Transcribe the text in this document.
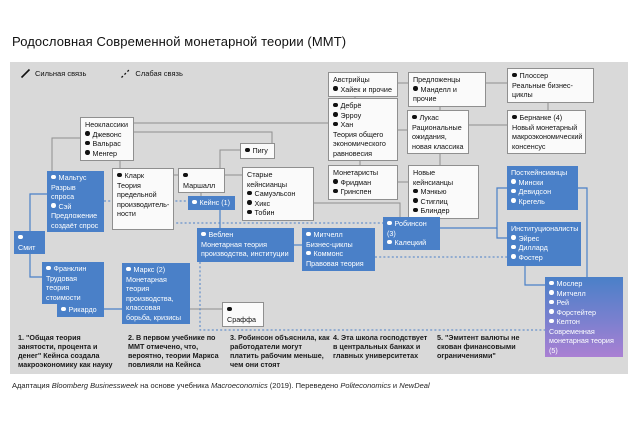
Родословная Современной монетарной теории (ММТ)
Сильная связь	Слабая связь
Неоклассики
Джевонс
Вальрас
Менгер
Кларк
Теория предельной производительности
Маршалл
Пигу
Старые кейнсианцы
Самуэльсон
Хикс
Тобин
Австрийцы
Хайек и прочие
Предложенцы
Манделл и прочие
Дебрё
Эрроу
Хан
Теория общего экономического равновесия
Лукас
Рациональные ожидания, новая классика
Монетаристы
Фридман
Гринспен
Новые кейнсианцы
Мэнкью
Стиглиц
Блиндер
Плоссер
Реальные бизнес-циклы
Бернанке (4)
Новый монетарный макроэкономический консенсус
Сраффа
Смит
Мальтус
Разрыв спроса
Сэй
Предложение создаёт спрос
Франклин
Трудовая теория стоимости
Рикардо
Маркс (2)
Монетарная теория производства, классовая борьба, кризисы
Кейнс (1)
Веблен
Монетарная теория производства, институции
Митчелл
Бизнес-циклы
Коммонс
Правовая теория
Робинсон (3)
Калецкий
Посткейнсианцы
Мински
Девидсон
Крегель
Институционалисты
Эйрес
Диллард
Фостер
Мослер
Митчелл
Рей
Форстейтер
Келтон
Современная монетарная теория (5)
1. "Общая теория занятости, процента и денег" Кейнса создала макроэкономику как науку
2. В первом учебнике по ММТ отмечено, что, вероятно, теории Маркса повлияли на Кейнса
3. Робинсон объяснила, как работодатели могут платить рабочим меньше, чем они стоят
4. Эта школа господствует в центральных банках и главных университетах
5. "Эмитент валюты не скован финансовыми ограничениями"

Адаптация Bloomberg Businessweek на основе учебника Macroeconomics (2019). Переведено Politeconomics и NewDeal
